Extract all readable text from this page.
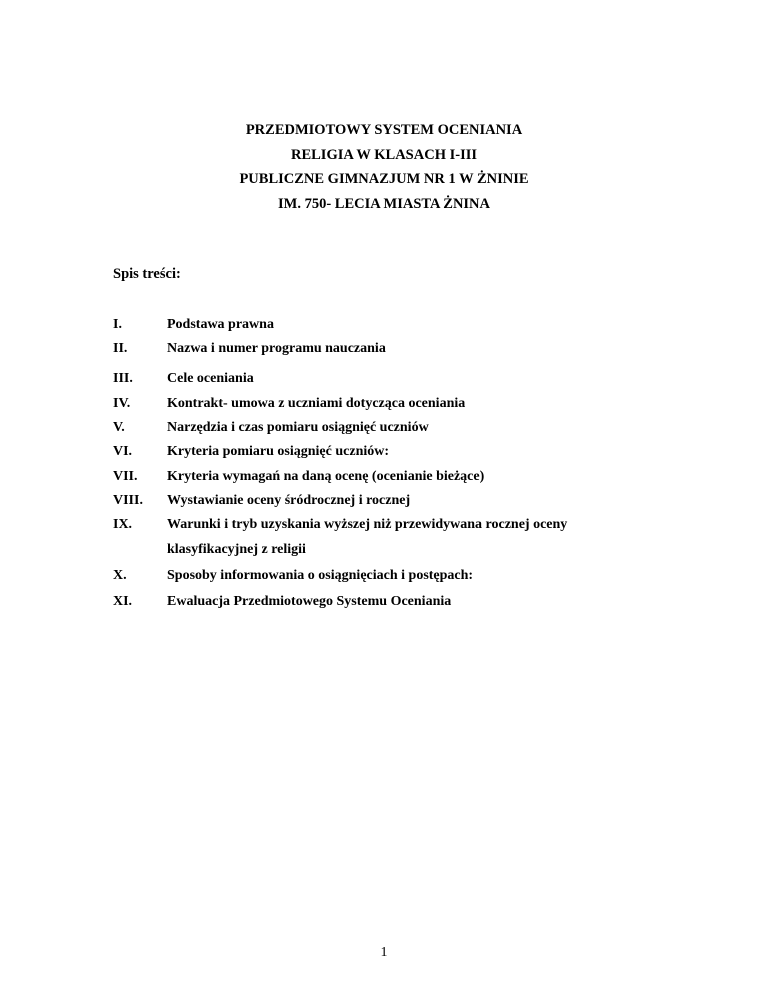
PRZEDMIOTOWY SYSTEM OCENIANIA
RELIGIA W KLASACH I-III
PUBLICZNE GIMNAZJUM NR 1 W ŻNINIE
IM. 750- LECIA MIASTA ŻNINA
Spis treści:
I.	Podstawa prawna
II.	Nazwa i numer programu nauczania
III. Cele oceniania
IV.	Kontrakt- umowa z uczniami dotycząca oceniania
V.	Narzędzia i czas pomiaru osiągnięć uczniów
VI. Kryteria pomiaru osiągnięć uczniów:
VII. Kryteria wymagań na daną ocenę (ocenianie bieżące)
VIII. Wystawianie oceny śródrocznej i rocznej
IX. Warunki i tryb uzyskania wyższej niż przewidywana rocznej oceny
klasyfikacyjnej z religii
X.	Sposoby informowania o osiągnięciach i postępach:
XI. Ewaluacja Przedmiotowego Systemu Oceniania
1
